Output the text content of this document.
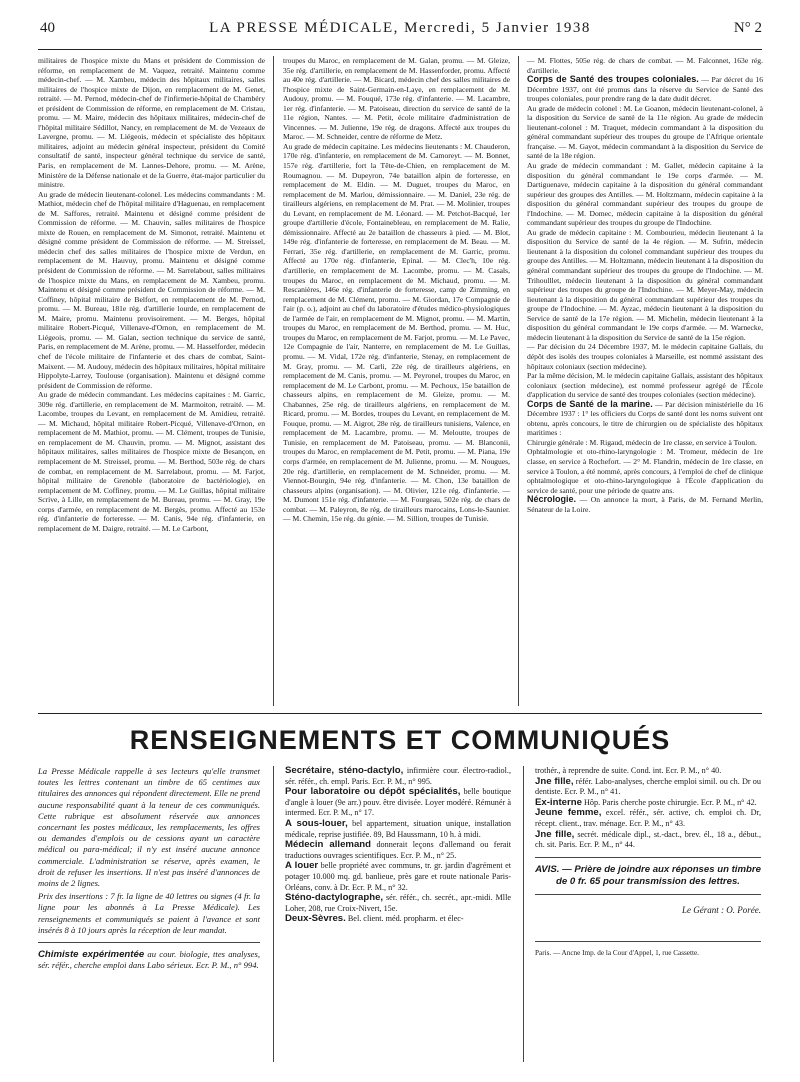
40	LA PRESSE MÉDICALE, Mercredi, 5 Janvier 1938	N° 2

militaires de l'hospice mixte du Mans et président de Commission de réforme, en remplacement de M. Vaquez, retraité. Maintenu comme médecin-chef. — M. Xambeu, médecin des hôpitaux militaires, salles militaires de l'hospice mixte de Dijon, en remplacement de M. Genet, retraité. — M. Pernod, médecin-chef de l'infirmerie-hôpital de Chambéry et président de Commission de réforme, en remplacement de M. Cristau, promu. — M. Maire, médecin des hôpitaux militaires, médecin-chef de l'hôpital militaire Sédillot, Nancy, en remplacement de M. de Vezeaux de Lavergne, promu. — M. Liégeois, médecin et spécialiste des hôpitaux militaires, adjoint au médecin général inspecteur, président du Comité consultatif de santé, inspecteur général technique du service de santé, Paris, en remplacement de M. Lannes-Dehore, promu. — M. Arène, Ministère de la Défense nationale et de la Guerre, état-major particulier du ministre.

Au grade de médecin lieutenant-colonel. Les médecins commandants : M. Mathiot, médecin chef de l'hôpital militaire d'Haguenau, en remplacement de M. Saffores, retraité. Maintenu et désigné comme président de Commission de réforme. — M. Chauvin, salles militaires de l'hospice mixte de Rouen, en remplacement de M. Simonot, retraité. Maintenu et désigné comme président de Commission de réforme. — M. Streissel, médecin chef des salles militaires de l'hospice mixte de Verdun, en remplacement de M. Hauvuy, promu. Maintenu et désigné comme président de Commission de réforme. — M. Sarrelabout, salles militaires de l'hospice mixte du Mans, en remplacement de M. Xambeu, promu. Maintenu et désigné comme président de Commission de réforme. — M. Coffiney, hôpital militaire de Belfort, en remplacement de M. Pernod, promu. — M. Bureau, 181e rég. d'artillerie lourde, en remplacement de M. Maire, promu. Maintenu provisoirement. — M. Berges, hôpital militaire Robert-Picqué, Villenave-d'Ornon, en remplacement de M. Liégeois, promu. — M. Galan, section technique du service de santé, Paris, en remplacement de M. Arène, promu. — M. Hasselforder, médecin chef de l'école militaire de l'infanterie et des chars de combat, Saint-Maixent. — M. Audouy, médecin des hôpitaux militaires, hôpital militaire Hippolyte-Larrey, Toulouse (organisation). Maintenu et désigné comme président de Commission de réforme.

Au grade de médecin commandant. Les médecins capitaines : M. Garric, 309e rég. d'artillerie, en remplacement de M. Marmoiton, retraité. — M. Lacombe, troupes du Levant, en remplacement de M. Amidieu, retraité. — M. Michaud, hôpital militaire Robert-Picqué, Villenave-d'Ornon, en remplacement de M. Mathiot, promu. — M. Clément, troupes de Tunisie, en remplacement de M. Chauvin, promu. — M. Mignot, assistant des hôpitaux militaires, salles militaires de l'hospice mixte de Besançon, en remplacement de M. Streissel, promu. — M. Berthod, 503e rég. de chars de combat, en remplacement de M. Sarrelabout, promu. — M. Farjot, hôpital militaire de Grenoble (laboratoire de bactériologie), en remplacement de M. Coffiney, promu. — M. Le Guillas, hôpital militaire Scrive, à Lille, en remplacement de M. Bureau, promu. — M. Gray, 19e corps d'armée, en remplacement de M. Bergès, promu. Affecté au 153e rég. d'infanterie de forteresse. — M. Canis, 94e rég. d'infanterie, en remplacement de M. Daigre, retraité. — M. Le Carbont,

troupes du Maroc, en remplacement de M. Galan, promu. — M. Gleize, 35e rég. d'artillerie, en remplacement de M. Hassenforder, promu. Affecté au 40e rég. d'artillerie. — M. Bicard, médecin chef des salles militaires de l'hospice mixte de Saint-Germain-en-Laye, en remplacement de M. Audouy, promu. — M. Fouqué, 173e rég. d'infanterie. — M. Lacambre, 1er rég. d'infanterie. — M. Patoiseau, direction du service de santé de la 11e région, Nantes. — M. Petit, école militaire d'administration de Vincennes. — M. Julienne, 19e rég. de dragons. Affecté aux troupes du Maroc. — M. Schneider, centre de réforme de Metz.

Au grade de médecin capitaine. Les médecins lieutenants : M. Chauderon, 170e rég. d'infanterie, en remplacement de M. Camoreyt. — M. Bonnet, 157e rég. d'artillerie, fort la Tête-de-Chien, en remplacement de M. Roumagnou. — M. Dupeyron, 74e bataillon alpin de forteresse, en remplacement de M. Eldin. — M. Duguet, troupes du Maroc, en remplacement de M. Marlou, démissionnaire. — M. Daniel, 23e rég. de tirailleurs algériens, en remplacement de M. Prat. — M. Molinier, troupes du Levant, en remplacement de M. Léonard. — M. Petchot-Bacqué, 1er groupe d'artillerie d'école, Fontainebleau, en remplacement de M. Ralie, démissionnaire. Affecté au 2e bataillon de chasseurs à pied. — M. Blot, 149e rég. d'infanterie de forteresse, en remplacement de M. Beau. — M. Ferrari, 35e rég. d'artillerie, en remplacement de M. Garric, promu. Affecté au 170e rég. d'infanterie, Epinal. — M. Clec'h, 10e rég. d'artillerie, en remplacement de M. Lacombe, promu. — M. Casals, troupes du Maroc, en remplacement de M. Michaud, promu. — M. Rescanières, 146e rég. d'infanterie de forteresse, camp de Zimming, en remplacement de M. Clément, promu. — M. Giordan, 17e Compagnie de l'air (p. o.), adjoint au chef du laboratoire d'études médico-physiologiques de l'armée de l'air, en remplacement de M. Mignot, promu. — M. Martin, troupes du Maroc, en remplacement de M. Berthod, promu. — M. Huc, troupes du Maroc, en remplacement de M. Farjot, promu. — M. Le Pavec, 12e Compagnie de l'air, Nanterre, en remplacement de M. Le Guillas, promu. — M. Vidal, 172e rég. d'infanterie, Stenay, en remplacement de M. Gray, promu. — M. Carli, 22e rég. de tirailleurs algériens, en remplacement de M. Canis, promu. — M. Peyronel, troupes du Maroc, en remplacement de M. Le Carbont, promu. — M. Pechoux, 15e bataillon de chasseurs alpins, en remplacement de M. Gleize, promu. — M. Chabannes, 25e rég. de tirailleurs algériens, en remplacement de M. Ricard, promu. — M. Bordes, troupes du Levant, en remplacement de M. Fouque, promu. — M. Aigrot, 28e rég. de tirailleurs tunisiens, Valence, en remplacement de M. Lacambre, promu. — M. Meloutte, troupes de Tunisie, en remplacement de M. Patoiseau, promu. — M. Blanconii, troupes du Maroc, en remplacement de M. Petit, promu. — M. Piana, 19e corps d'armée, en remplacement de M. Julienne, promu. — M. Nougues, 20e rég. d'artillerie, en remplacement de M. Schneider, promu. — M. Viennot-Bourgin, 94e rég. d'infanterie. — M. Chon, 13e bataillon de chasseurs alpins (organisation). — M. Olivier, 121e rég. d'infanterie. — M. Dumont 151e rég. d'infanterie. — M. Fourgeau, 502e rég. de chars de combat. — M. Paleyron, 8e rég. de tirailleurs marocains, Lons-le-Saunier. — M. Chemin, 15e rég. du génie. — M. Sillion, troupes de Tunisie.

— M. Flottes, 505e rég. de chars de combat. — M. Falconnet, 163e rég. d'artillerie.

Corps de Santé des troupes coloniales. — Par décret du 16 Décembre 1937, ont été promus dans la réserve du Service de Santé des troupes coloniales, pour prendre rang de la date dudit décret.

Au grade de médecin colonel : M. Le Goanon, médecin lieutenant-colonel, à la disposition du Service de santé de la 11e région. Au grade de médecin lieutenant-colonel : M. Traquet, médecin commandant à la disposition du général commandant supérieur des troupes du groupe de l'Afrique orientale française. — M. Gayot, médecin commandant à la disposition du Service de santé de la 18e région.

Au grade de médecin commandant : M. Gallet, médecin capitaine à la disposition du général commandant le 19e corps d'armée. — M. Dartiguenave, médecin capitaine à la disposition du général commandant supérieur des groupes des Antilles. — M. Holtzmann, médecin capitaine à la disposition du général commandant supérieur des troupes du groupe de l'Indochine. — M. Domec, médecin capitaine à la disposition du général commandant supérieur des troupes du groupe de l'Indochine.

Au grade de médecin capitaine : M. Combourieu, médecin lieutenant à la disposition du Service de santé de la 4e région. — M. Sufrin, médecin lieutenant à la disposition du colonel commandant supérieur des troupes du groupe des Antilles. — M. Holtzmann, médecin lieutenant à la disposition du général commandant supérieur des troupes du groupe de l'Indochine. — M. Trihoulllet, médecin lieutenant à la disposition du général commandant supérieur des troupes du groupe de l'Indochine. — M. Meyer-May, médecin lieutenant à la disposition du général commandant supérieur des troupes du groupe de l'Indochine. — M. Ayzac, médecin lieutenant à la disposition du Service de santé de la 17e région. — M. Michelin, médecin lieutenant à la disposition du général commandant le 19e corps d'armée. — M. Warnecke, médecin lieutenant à la disposition du Service de santé de la 15e région.

— Par décision du 24 Décembre 1937, M. le médecin capitaine Gallais, du dépôt des isolés des troupes coloniales à Marseille, est nommé assistant des hôpitaux coloniaux (section médecine).

Par la même décision, M. le médecin capitaine Gallais, assistant des hôpitaux coloniaux (section médecine), est nommé professeur agrégé de l'École d'application du service de santé des troupes coloniales (section médecine).

Corps de Santé de la marine. — Par décision ministérielle du 16 Décembre 1937 : 1° les officiers du Corps de santé dont les noms suivent ont obtenu, après concours, le titre de chirurgien ou de spécialiste des hôpitaux maritimes :

Chirurgie générale : M. Rigaud, médecin de 1re classe, en service à Toulon.

Ophtalmologie et oto-rhino-laryngologie : M. Tromeur, médecin de 1re classe, en service à Rochefort. — 2° M. Flandrin, médecin de 1re classe, en service à Toulon, a été nommé, après concours, à l'emploi de chef de clinique ophtalmologique et oto-rhino-laryngologique à l'École d'application du service de santé, pour une période de quatre ans.

Nécrologie. — On annonce la mort, à Paris, de M. Fernand Merlin, Sénateur de la Loire.

RENSEIGNEMENTS ET COMMUNIQUÉS

La Presse Médicale rappelle à ses lecteurs qu'elle transmet toutes les lettres contenant un timbre de 65 centimes aux titulaires des annonces qui répondent directement. Elle ne prend aucune responsabilité quant à la teneur de ces communiqués. Cette rubrique est absolument réservée aux annonces concernant les postes médicaux, les remplacements, les offres ou demandes d'emplois ou de cessions ayant un caractère médical ou para-médical; il n'y est inséré aucune annonce commerciale. L'administration se réserve, après examen, le droit de refuser les insertions. Il n'est pas inséré d'annonces de moins de 2 lignes.

Prix des insertions : 7 fr. la ligne de 40 lettres ou signes (4 fr. la ligne pour les abonnés à La Presse Médicale). Les renseignements et communiqués se paient à l'avance et sont insérés 8 à 10 jours après la réception de leur mandat.

Chimiste expérimentée au cour. biologie, ttes analyses, sér. référ., cherche emploi dans Labo sérieux. Ecr. P. M., n° 994.

Secrétaire, sténo-dactylo, infirmière cour. électro-radiol., sér. référ., ch. empl. Paris. Ecr. P. M., n° 995.

Pour laboratoire ou dépôt spécialités, belle boutique d'angle à louer (9e arr.) pouv. être divisée. Loyer modéré. Rémunér à intermed. Ecr. P. M., n° 17.

A sous-louer, bel appartement, situation unique, installation médicale, reprise justifiée. 89, Bd Haussmann, 10 h. à midi.

Médecin allemand donnerait leçons d'allemand ou ferait traductions ouvrages scientifiques. Ecr. P. M., n° 25.

A louer belle propriété avec communs, tr. gr. jardin d'agrément et potager 10.000 mq. gd. banlieue, près gare et route nationale Paris-Orléans, conv. à Dr. Ecr. P. M., n° 32.

Sténo-dactylographe, sér. référ., ch. secrét., apr.-midi. Mlle Loher, 208, rue Croix-Nivert, 15e.

Deux-Sèvres. Bel. client. méd. propharm. et élec-

trothér., à reprendre de suite. Cond. int. Ecr. P. M., n° 40.

Jne fille, référ. Labo-analyses, cherche emploi simil. ou ch. Dr ou dentiste. Ecr. P. M., n° 41.

Ex-interne Hôp. Paris cherche poste chirurgie. Ecr. P. M., n° 42.

Jeune femme, excel. référ., sér. active, ch. emploi ch. Dr, récept. client., trav. ménage. Ecr. P. M., n° 43.

Jne fille, secrét. médicale dipl., st.-dact., brev. él., 18 a., début., ch. sit. Paris. Ecr. P. M., n° 44.

AVIS. — Prière de joindre aux réponses un timbre de 0 fr. 65 pour transmission des lettres.

Le Gérant : O. Porée.

Paris. — Ancne Imp. de la Cour d'Appel, 1, rue Cassette.
